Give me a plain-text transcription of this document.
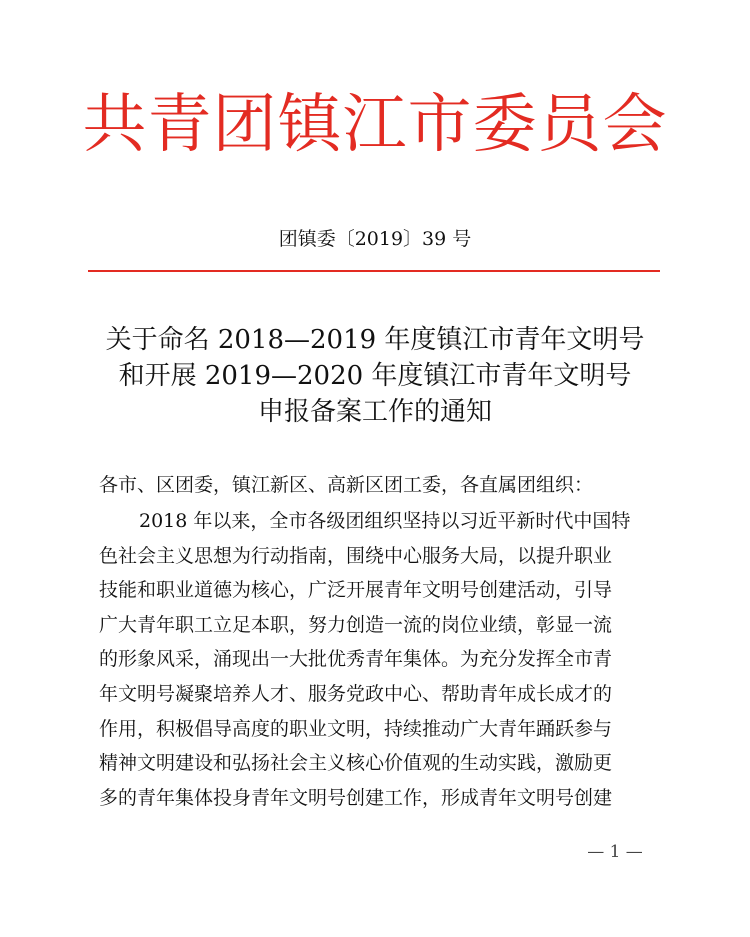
共青团镇江市委员会
团镇委〔2019〕39 号
关于命名 2018—2019 年度镇江市青年文明号
和开展 2019—2020 年度镇江市青年文明号
申报备案工作的通知
各市、区团委，镇江新区、高新区团工委，各直属团组织：
2018 年以来，全市各级团组织坚持以习近平新时代中国特
色社会主义思想为行动指南，围绕中心服务大局，以提升职业
技能和职业道德为核心，广泛开展青年文明号创建活动，引导
广大青年职工立足本职，努力创造一流的岗位业绩，彰显一流
的形象风采，涌现出一大批优秀青年集体。为充分发挥全市青
年文明号凝聚培养人才、服务党政中心、帮助青年成长成才的
作用，积极倡导高度的职业文明，持续推动广大青年踊跃参与
精神文明建设和弘扬社会主义核心价值观的生动实践，激励更
多的青年集体投身青年文明号创建工作，形成青年文明号创建
— 1 —
